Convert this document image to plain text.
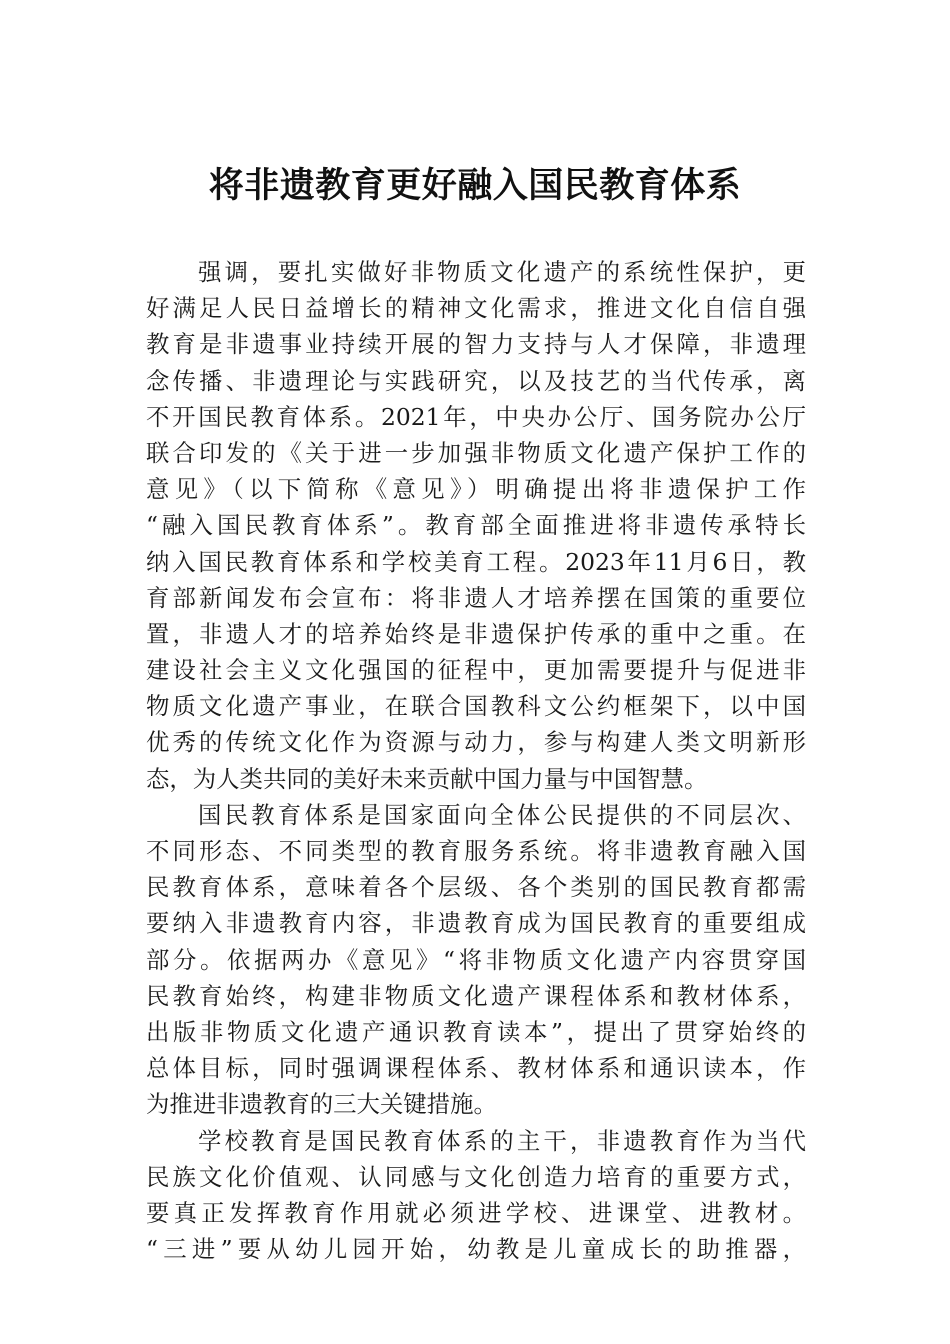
将非遗教育更好融入国民教育体系
强调，要扎实做好非物质文化遗产的系统性保护，更
好满足人民日益增长的精神文化需求，推进文化自信自强
教育是非遗事业持续开展的智力支持与人才保障，非遗理
念传播、非遗理论与实践研究，以及技艺的当代传承，离
不开国民教育体系。2021年，中央办公厅、国务院办公厅
联合印发的《关于进一步加强非物质文化遗产保护工作的
意见》（以下简称《意见》）明确提出将非遗保护工作
“融入国民教育体系”。教育部全面推进将非遗传承特长
纳入国民教育体系和学校美育工程。2023年11月6日，教
育部新闻发布会宣布：将非遗人才培养摆在国策的重要位
置，非遗人才的培养始终是非遗保护传承的重中之重。在
建设社会主义文化强国的征程中，更加需要提升与促进非
物质文化遗产事业，在联合国教科文公约框架下，以中国
优秀的传统文化作为资源与动力，参与构建人类文明新形
态，为人类共同的美好未来贡献中国力量与中国智慧。
国民教育体系是国家面向全体公民提供的不同层次、
不同形态、不同类型的教育服务系统。将非遗教育融入国
民教育体系，意味着各个层级、各个类别的国民教育都需
要纳入非遗教育内容，非遗教育成为国民教育的重要组成
部分。依据两办《意见》“将非物质文化遗产内容贯穿国
民教育始终，构建非物质文化遗产课程体系和教材体系，
出版非物质文化遗产通识教育读本”，提出了贯穿始终的
总体目标，同时强调课程体系、教材体系和通识读本，作
为推进非遗教育的三大关键措施。
学校教育是国民教育体系的主干，非遗教育作为当代
民族文化价值观、认同感与文化创造力培育的重要方式，
要真正发挥教育作用就必须进学校、进课堂、进教材。
“三进”要从幼儿园开始，幼教是儿童成长的助推器，
